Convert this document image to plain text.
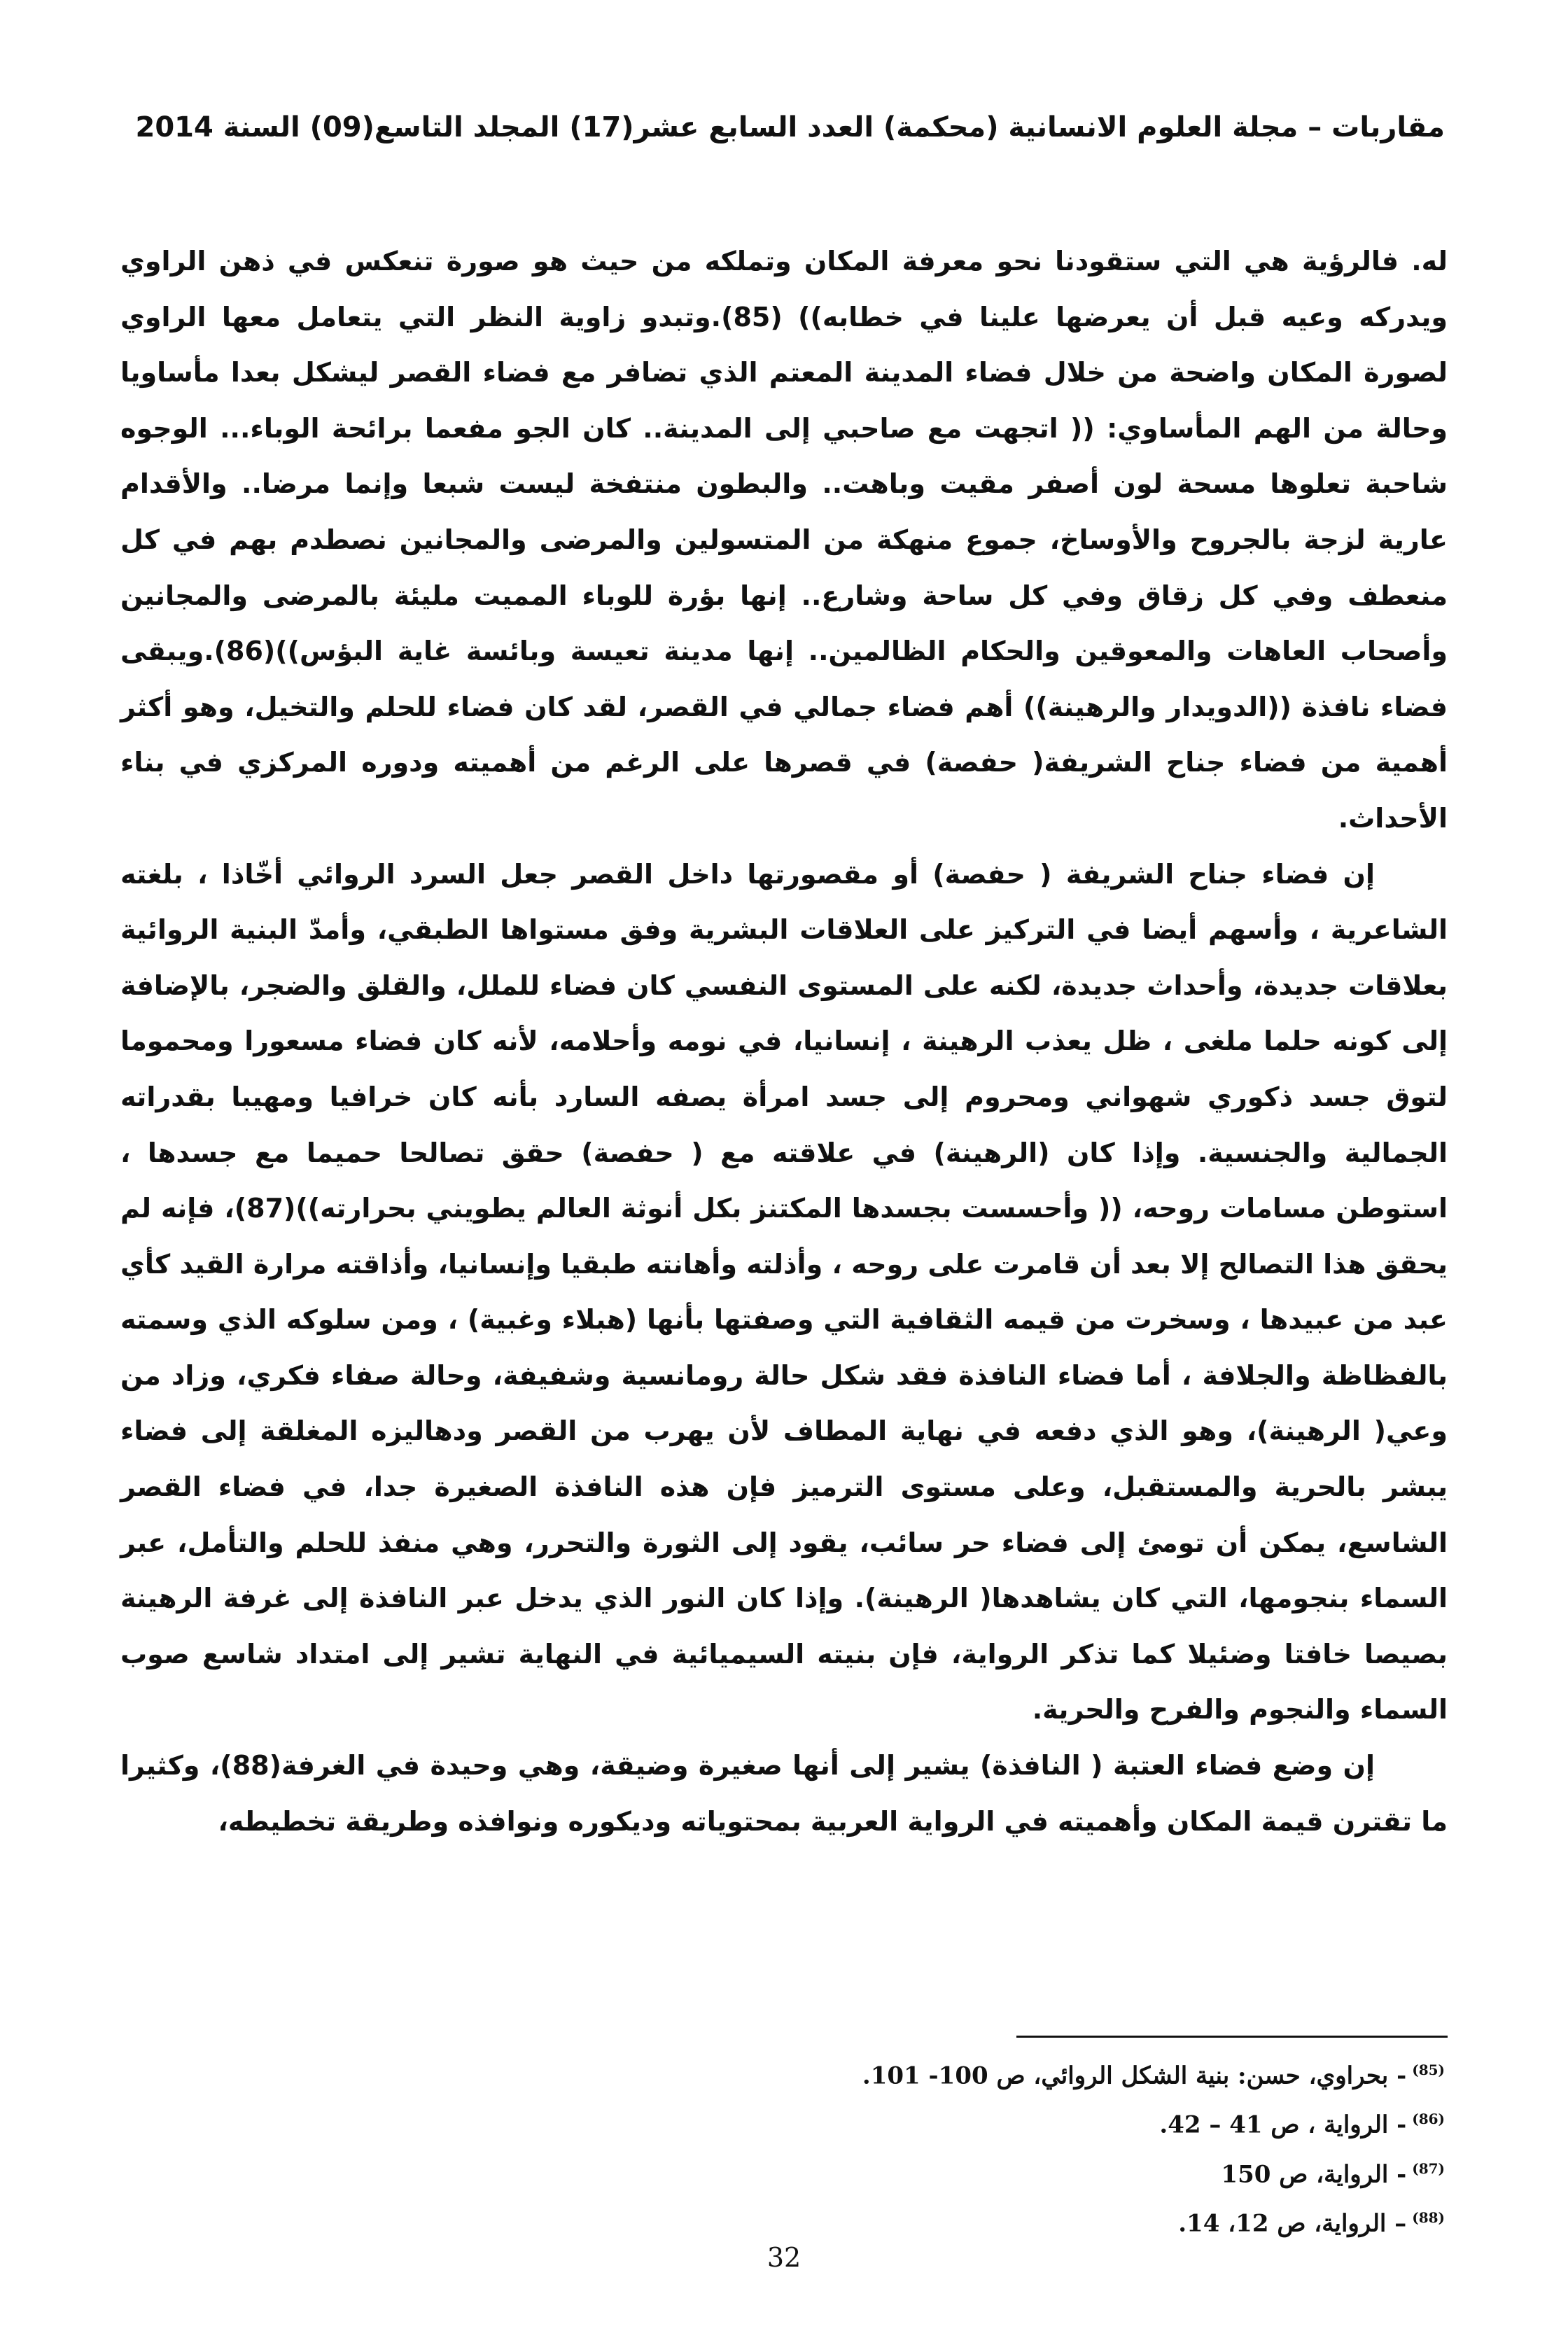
مقاربات – مجلة العلوم الانسانية (محكمة) العدد السابع عشر(17) المجلد التاسع(09) السنة 2014

له. فالرؤية هي التي ستقودنا نحو معرفة المكان وتملكه من حيث هو صورة تنعكس في ذهن الراوي ويدركه وعيه قبل أن يعرضها علينا في خطابه)) (85).وتبدو زاوية النظر التي يتعامل معها الراوي لصورة المكان واضحة من خلال فضاء المدينة المعتم الذي تضافر مع فضاء القصر ليشكل بعدا مأساويا وحالة من الهم المأساوي: (( اتجهت مع صاحبي إلى المدينة.. كان الجو مفعما برائحة الوباء... الوجوه شاحبة تعلوها مسحة لون أصفر مقيت وباهت.. والبطون منتفخة ليست شبعا وإنما مرضا.. والأقدام عارية لزجة بالجروح والأوساخ، جموع منهكة من المتسولين والمرضى والمجانين نصطدم بهم في كل منعطف وفي كل زقاق وفي كل ساحة وشارع.. إنها بؤرة للوباء المميت مليئة بالمرضى والمجانين وأصحاب العاهات والمعوقين والحكام الظالمين.. إنها مدينة تعيسة وبائسة غاية البؤس))(86).ويبقى فضاء نافذة ((الدويدار والرهينة)) أهم فضاء جمالي في القصر، لقد كان فضاء للحلم والتخيل، وهو أكثر أهمية من فضاء جناح الشريفة( حفصة) في قصرها على الرغم من أهميته ودوره المركزي في بناء الأحداث.

إن فضاء جناح الشريفة ( حفصة) أو مقصورتها داخل القصر جعل السرد الروائي أخّاذا ، بلغته الشاعرية ، وأسهم أيضا في التركيز على العلاقات البشرية وفق مستواها الطبقي، وأمدّ البنية الروائية بعلاقات جديدة، وأحداث جديدة، لكنه على المستوى النفسي كان فضاء للملل، والقلق والضجر، بالإضافة إلى كونه حلما ملغى ، ظل يعذب الرهينة ، إنسانيا، في نومه وأحلامه، لأنه كان فضاء مسعورا ومحموما لتوق جسد ذكوري شهواني ومحروم إلى جسد امرأة يصفه السارد بأنه كان خرافيا ومهيبا بقدراته الجمالية والجنسية. وإذا كان (الرهينة) في علاقته مع ( حفصة) حقق تصالحا حميما مع جسدها ، استوطن مسامات روحه، (( وأحسست بجسدها المكتنز بكل أنوثة العالم يطويني بحرارته))(87)، فإنه لم يحقق هذا التصالح إلا بعد أن قامرت على روحه ، وأذلته وأهانته طبقيا وإنسانيا، وأذاقته مرارة القيد كأي عبد من عبيدها ، وسخرت من قيمه الثقافية التي وصفتها بأنها (هبلاء وغبية) ، ومن سلوكه الذي وسمته بالفظاظة والجلافة ، أما فضاء النافذة فقد شكل حالة رومانسية وشفيفة، وحالة صفاء فكري، وزاد من وعي( الرهينة)، وهو الذي دفعه في نهاية المطاف لأن يهرب من القصر ودهاليزه المغلقة إلى فضاء يبشر بالحرية والمستقبل، وعلى مستوى الترميز فإن هذه النافذة الصغيرة جدا، في فضاء القصر الشاسع، يمكن أن تومئ إلى فضاء حر سائب، يقود إلى الثورة والتحرر، وهي منفذ للحلم والتأمل، عبر السماء بنجومها، التي كان يشاهدها( الرهينة). وإذا كان النور الذي يدخل عبر النافذة إلى غرفة الرهينة بصيصا خافتا وضئيلا كما تذكر الرواية، فإن بنيته السيميائية في النهاية تشير إلى امتداد شاسع صوب السماء والنجوم والفرح والحرية.

إن وضع فضاء العتبة ( النافذة) يشير إلى أنها صغيرة وضيقة، وهي وحيدة في الغرفة(88)، وكثيرا ما تقترن قيمة المكان وأهميته في الرواية العربية بمحتوياته وديكوره ونوافذه وطريقة تخطيطه،

$^{(85)}$- بحراوي، حسن: بنية الشكل الروائي، ص 100- 101.
$^{(86)}$- الرواية ، ص 41 – 42.
$^{(87)}$- الرواية، ص 150
$^{(88)}$– الرواية، ص 12، 14.
32
